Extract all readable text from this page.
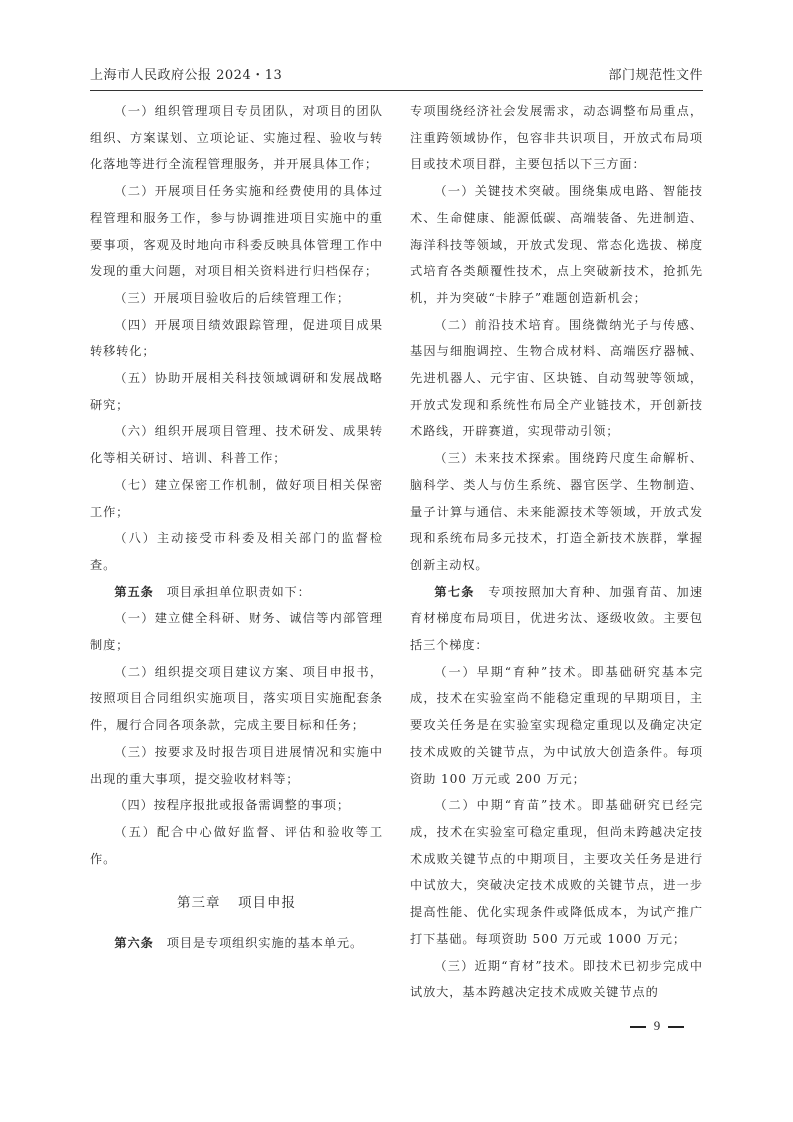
上海市人民政府公报 2024・13	部门规范性文件

（一）组织管理项目专员团队，对项目的团队组织、方案谋划、立项论证、实施过程、验收与转化落地等进行全流程管理服务，并开展具体工作；

（二）开展项目任务实施和经费使用的具体过程管理和服务工作，参与协调推进项目实施中的重要事项，客观及时地向市科委反映具体管理工作中发现的重大问题，对项目相关资料进行归档保存；

（三）开展项目验收后的后续管理工作；

（四）开展项目绩效跟踪管理，促进项目成果转移转化；

（五）协助开展相关科技领域调研和发展战略研究；

（六）组织开展项目管理、技术研发、成果转化等相关研讨、培训、科普工作；

（七）建立保密工作机制，做好项目相关保密工作；

（八）主动接受市科委及相关部门的监督检查。

第五条　 项目承担单位职责如下：

（一）建立健全科研、财务、诚信等内部管理制度；

（二）组织提交项目建议方案、项目申报书，按照项目合同组织实施项目，落实项目实施配套条件，履行合同各项条款，完成主要目标和任务；

（三）按要求及时报告项目进展情况和实施中出现的重大事项，提交验收材料等；

（四）按程序报批或报备需调整的事项；

（五）配合中心做好监督、评估和验收等工作。

第三章 项目申报

第六条　 项目是专项组织实施的基本单元。

专项围绕经济社会发展需求，动态调整布局重点，注重跨领域协作，包容非共识项目，开放式布局项目或技术项目群，主要包括以下三方面：

（一）关键技术突破。围绕集成电路、智能技术、生命健康、能源低碳、高端装备、先进制造、海洋科技等领域，开放式发现、常态化选拔、梯度式培育各类颠覆性技术，点上突破新技术，抢抓先机，并为突破“卡脖子”难题创造新机会；

（二）前沿技术培育。围绕微纳光子与传感、基因与细胞调控、生物合成材料、高端医疗器械、先进机器人、元宇宙、区块链、自动驾驶等领域，开放式发现和系统性布局全产业链技术，开创新技术路线，开辟赛道，实现带动引领；

（三）未来技术探索。围绕跨尺度生命解析、脑科学、类人与仿生系统、器官医学、生物制造、量子计算与通信、未来能源技术等领域，开放式发现和系统布局多元技术，打造全新技术族群，掌握创新主动权。

第七条　 专项按照加大育种、加强育苗、加速育材梯度布局项目，优进劣汰、逐级收敛。主要包括三个梯度：

（一）早期“育种”技术。即基础研究基本完成，技术在实验室尚不能稳定重现的早期项目，主要攻关任务是在实验室实现稳定重现以及确定决定技术成败的关键节点，为中试放大创造条件。每项资助 100 万元或 200 万元；

（二）中期“育苗”技术。即基础研究已经完成，技术在实验室可稳定重现，但尚未跨越决定技术成败关键节点的中期项目，主要攻关任务是进行中试放大，突破决定技术成败的关键节点，进一步提高性能、优化实现条件或降低成本，为试产推广打下基础。每项资助 500 万元或 1000 万元；

（三）近期“育材”技术。即技术已初步完成中试放大，基本跨越决定技术成败关键节点的

9
